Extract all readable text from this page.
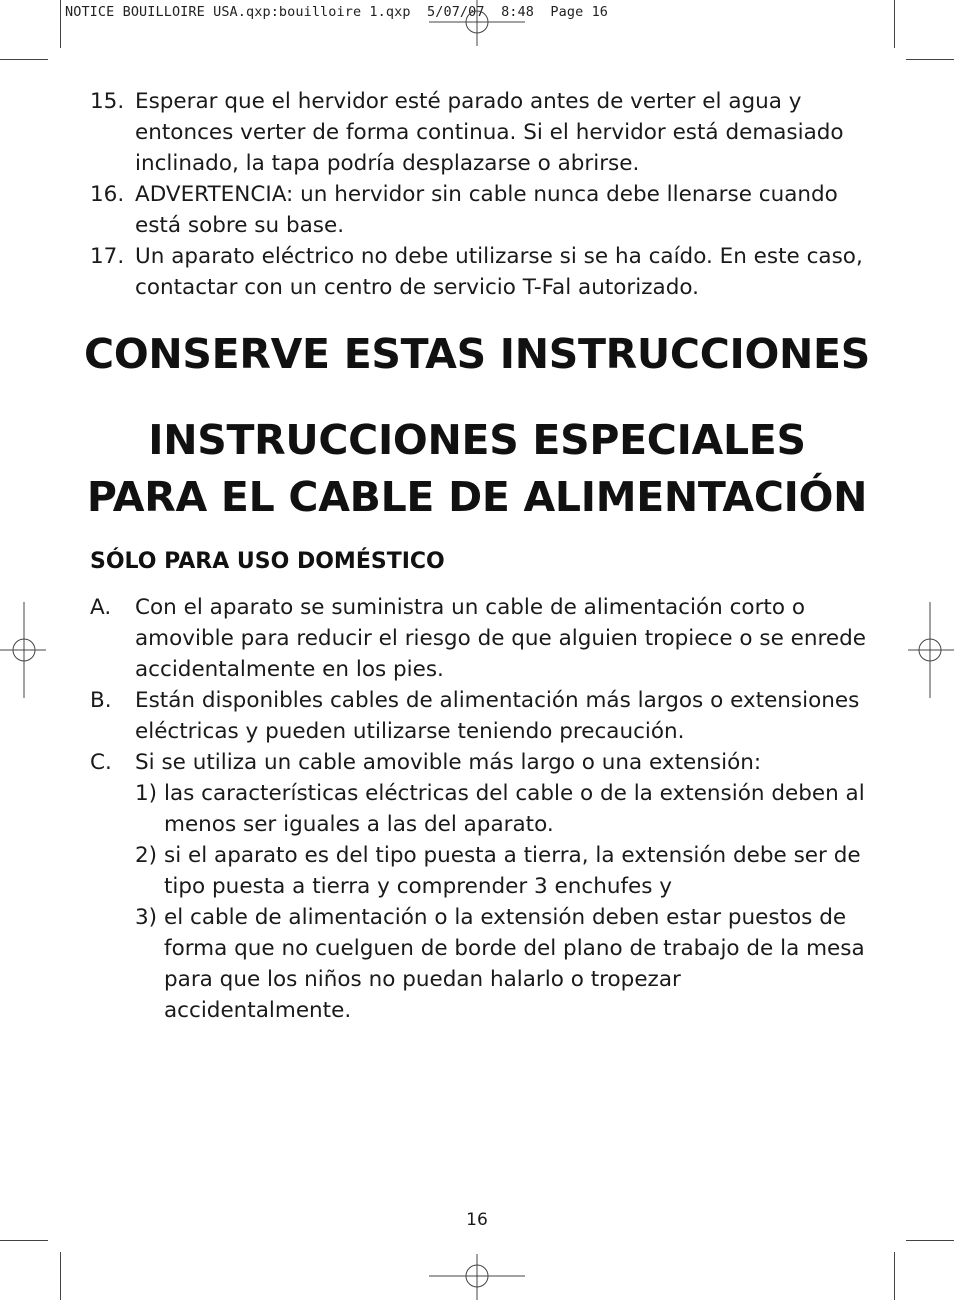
NOTICE BOUILLOIRE USA.qxp:bouilloire 1.qxp  5/07/07  8:48  Page 16
15. Esperar que el hervidor esté parado antes de verter el agua y entonces verter de forma continua. Si el hervidor está demasiado inclinado, la tapa podría desplazarse o abrirse.
16. ADVERTENCIA: un hervidor sin cable nunca debe llenarse cuando está sobre su base.
17. Un aparato eléctrico no debe utilizarse si se ha caído. En este caso, contactar con un centro de servicio T-Fal autorizado.
CONSERVE ESTAS INSTRUCCIONES
INSTRUCCIONES ESPECIALES
PARA EL CABLE DE ALIMENTACIÓN
SÓLO PARA USO DOMÉSTICO
A. Con el aparato se suministra un cable de alimentación corto o amovible para reducir el riesgo de que alguien tropiece o se enrede accidentalmente en los pies.
B. Están disponibles cables de alimentación más largos o extensiones eléctricas y pueden utilizarse teniendo precaución.
C. Si se utiliza un cable amovible más largo o una extensión:
1) las características eléctricas del cable o de la extensión deben al menos ser iguales a las del aparato.
2) si el aparato es del tipo puesta a tierra, la extensión debe ser de tipo puesta a tierra y comprender 3 enchufes y
3) el cable de alimentación o la extensión deben estar puestos de forma que no cuelguen de borde del plano de trabajo de la mesa para que los niños no puedan halarlo o tropezar accidentalmente.
16
